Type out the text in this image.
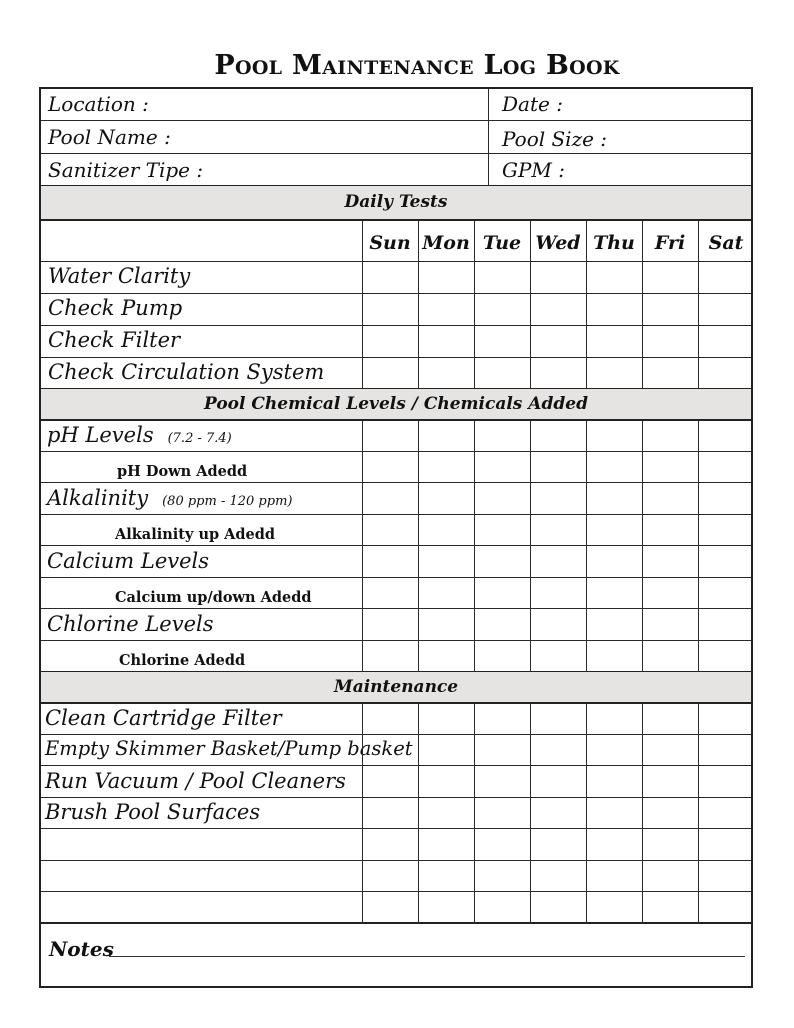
Pool Maintenance Log Book
Location :	Date :
Pool Name :	Pool Size :
Sanitizer Tipe :	GPM :
Daily Tests
Sun Mon Tue Wed Thu	Fri	Sat
Water Clarity
Check Pump
Check Filter
Check Circulation System
Pool Chemical Levels / Chemicals Added
pH Levels (7.2 - 7.4)
pH Down Adedd
Alkalinity (80 ppm - 120 ppm)
Alkalinity up Adedd
Calcium Levels
Calcium up/down Adedd
Chlorine Levels
Chlorine Adedd
Maintenance
Clean Cartridge Filter
Empty Skimmer Basket/Pump basket
Run Vacuum / Pool Cleaners
Brush Pool Surfaces
Notes
